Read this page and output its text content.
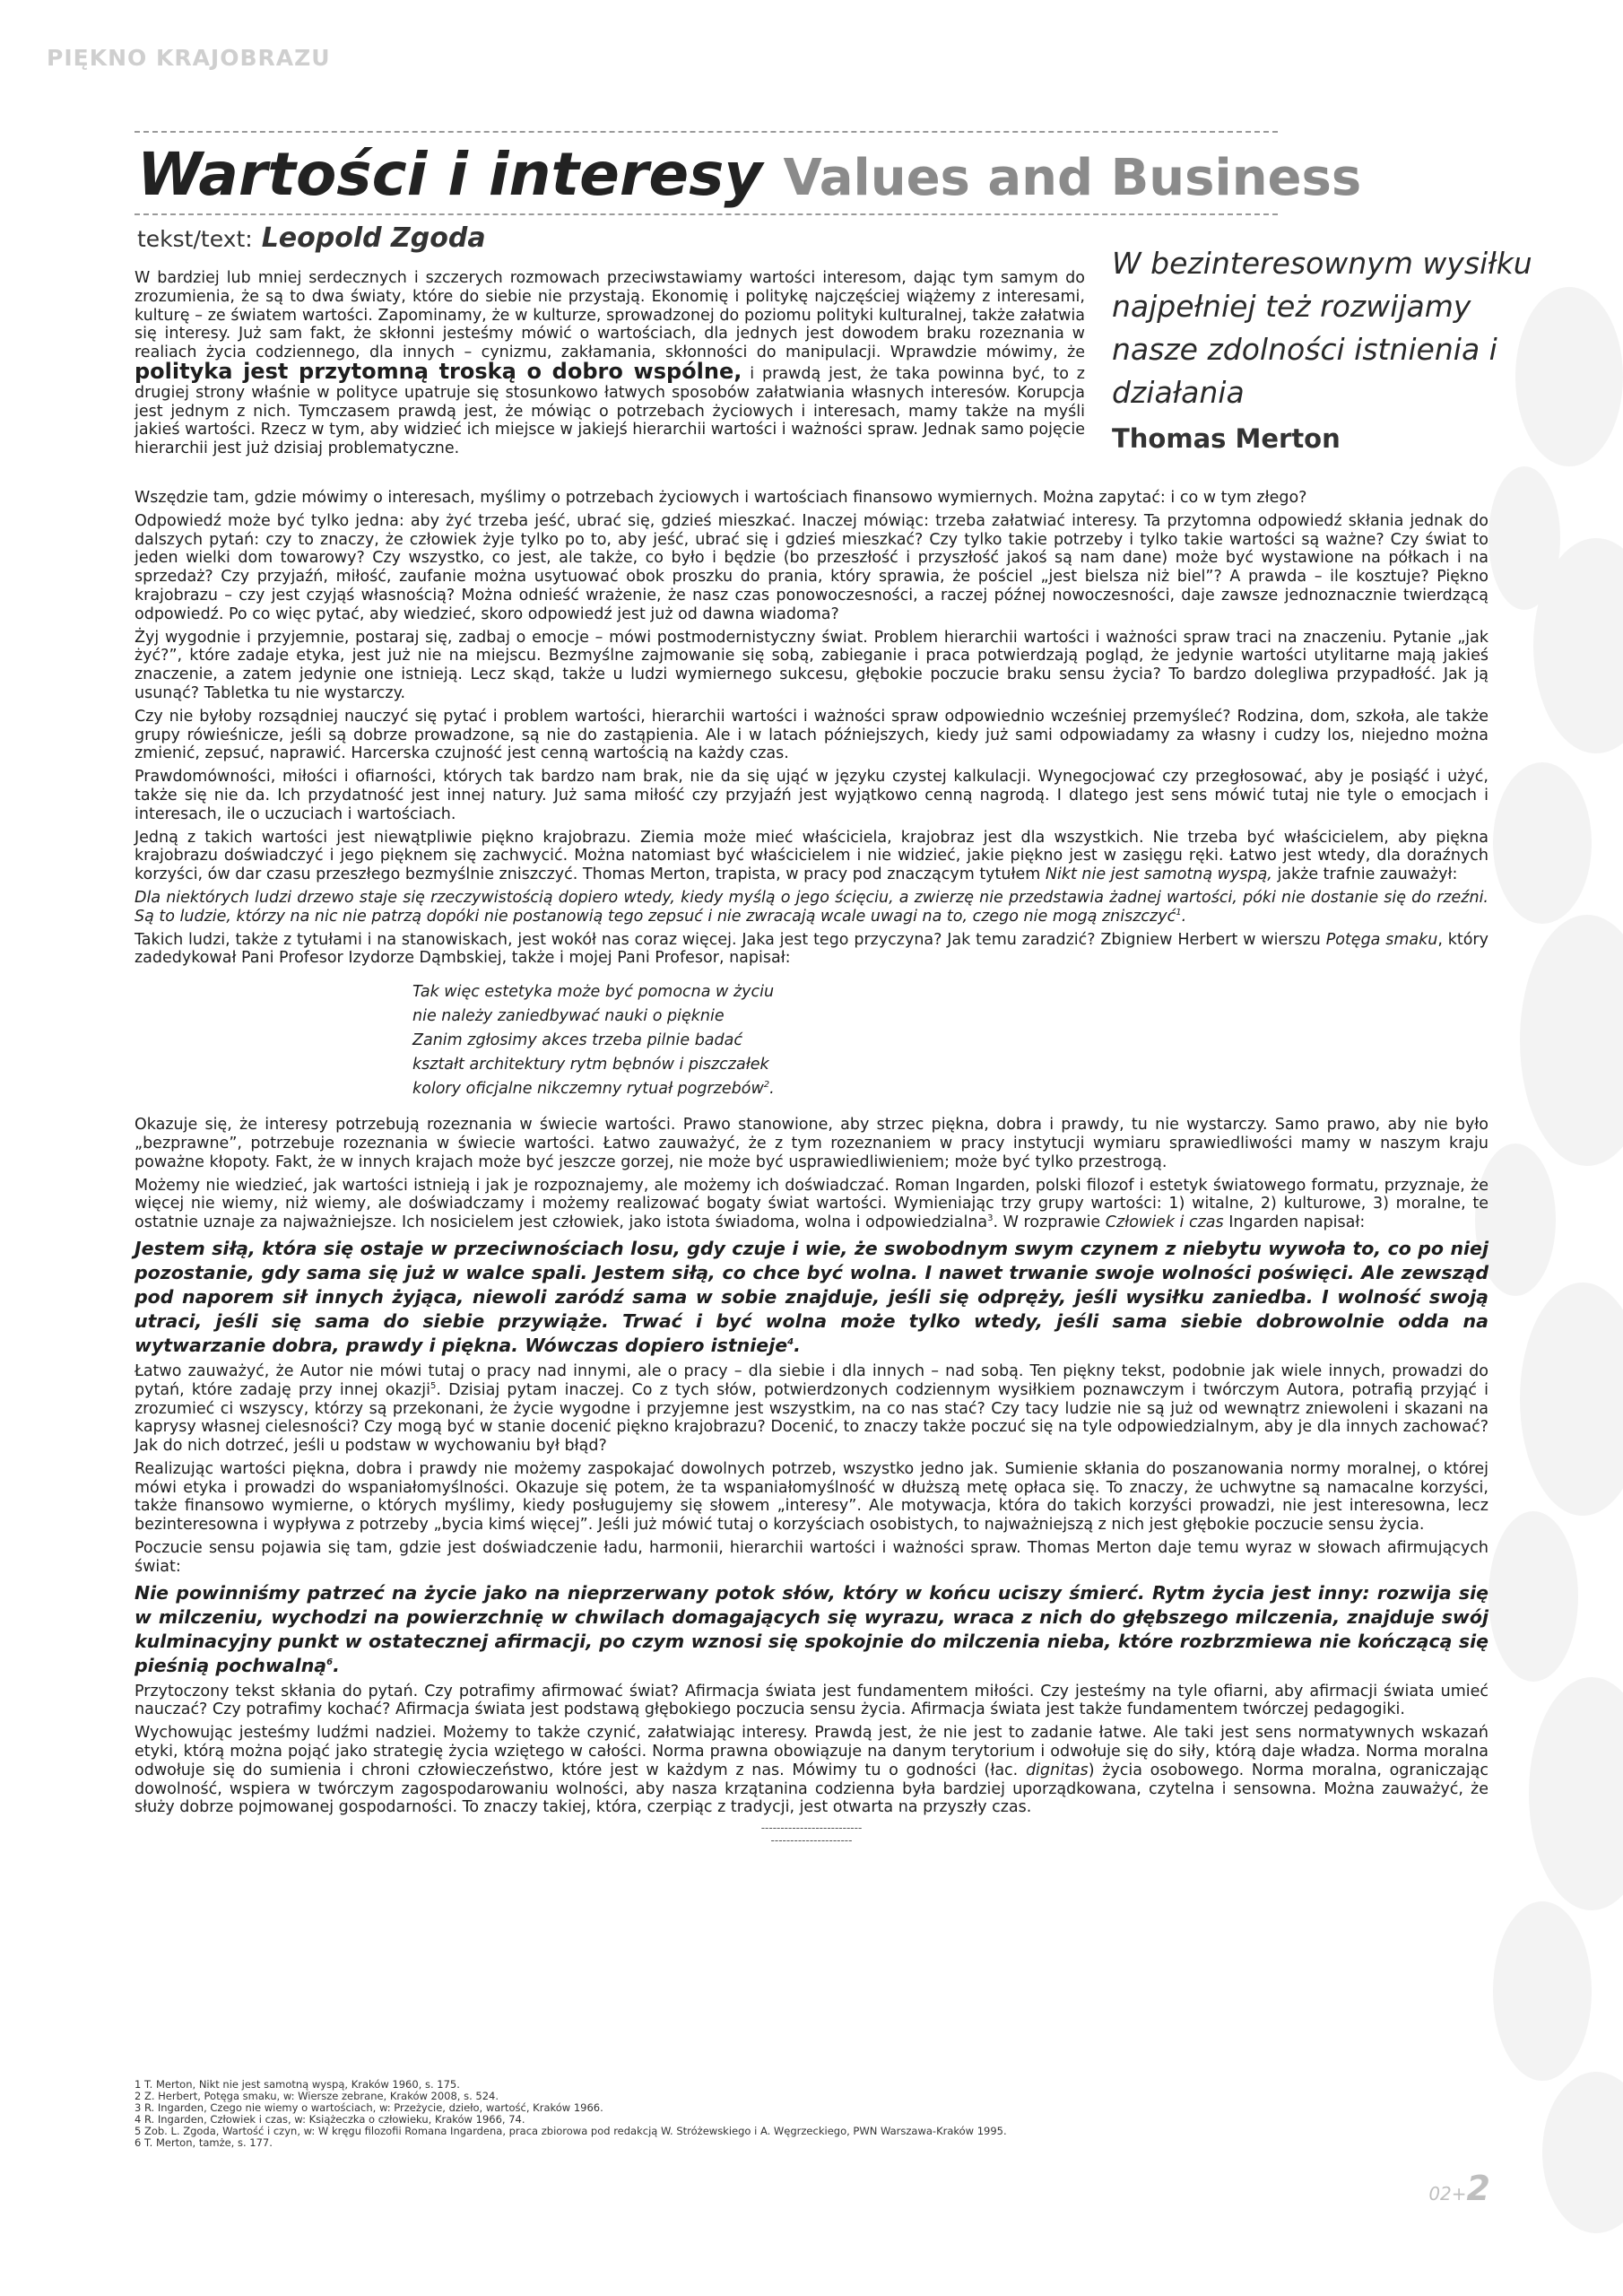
PIĘKNO KRAJOBRAZU
Wartości i interesy Values and Business
tekst/text: Leopold Zgoda
W bezinteresownym wysiłku najpełniej też rozwijamy nasze zdolności istnienia i działania
Thomas Merton

W bardziej lub mniej serdecznych i szczerych rozmowach przeciwstawiamy wartości interesom, dając tym samym do zrozumienia, że są to dwa światy, które do siebie nie przystają. Ekonomię i politykę najczęściej wiążemy z interesami, kulturę – ze światem wartości. Zapominamy, że w kulturze, sprowadzonej do poziomu polityki kulturalnej, także załatwia się interesy. Już sam fakt, że skłonni jesteśmy mówić o wartościach, dla jednych jest dowodem braku rozeznania w realiach życia codziennego, dla innych – cynizmu, zakłamania, skłonności do manipulacji. Wprawdzie mówimy, że polityka jest przytomną troską o dobro wspólne, i prawdą jest, że taka powinna być, to z drugiej strony właśnie w polityce upatruje się stosunkowo łatwych sposobów załatwiania własnych interesów. Korupcja jest jednym z nich. Tymczasem prawdą jest, że mówiąc o potrzebach życiowych i interesach, mamy także na myśli jakieś wartości. Rzecz w tym, aby widzieć ich miejsce w jakiejś hierarchii wartości i ważności spraw. Jednak samo pojęcie hierarchii jest już dzisiaj problematyczne.

Wszędzie tam, gdzie mówimy o interesach, myślimy o potrzebach życiowych i wartościach finansowo wymiernych. Można zapytać: i co w tym złego?

Odpowiedź może być tylko jedna: aby żyć trzeba jeść, ubrać się, gdzieś mieszkać. Inaczej mówiąc: trzeba załatwiać interesy. Ta przytomna odpowiedź skłania jednak do dalszych pytań: czy to znaczy, że człowiek żyje tylko po to, aby jeść, ubrać się i gdzieś mieszkać? Czy tylko takie potrzeby i tylko takie wartości są ważne? Czy świat to jeden wielki dom towarowy? Czy wszystko, co jest, ale także, co było i będzie (bo przeszłość i przyszłość jakoś są nam dane) może być wystawione na półkach i na sprzedaż? Czy przyjaźń, miłość, zaufanie można usytuować obok proszku do prania, który sprawia, że pościel „jest bielsza niż biel”? A prawda – ile kosztuje? Piękno krajobrazu – czy jest czyjąś własnością? Można odnieść wrażenie, że nasz czas ponowoczesności, a raczej późnej nowoczesności, daje zawsze jednoznacznie twierdzącą odpowiedź. Po co więc pytać, aby wiedzieć, skoro odpowiedź jest już od dawna wiadoma?

Żyj wygodnie i przyjemnie, postaraj się, zadbaj o emocje – mówi postmodernistyczny świat. Problem hierarchii wartości i ważności spraw traci na znaczeniu. Pytanie „jak żyć?”, które zadaje etyka, jest już nie na miejscu. Bezmyślne zajmowanie się sobą, zabieganie i praca potwierdzają pogląd, że jedynie wartości utylitarne mają jakieś znaczenie, a zatem jedynie one istnieją. Lecz skąd, także u ludzi wymiernego sukcesu, głębokie poczucie braku sensu życia? To bardzo dolegliwa przypadłość. Jak ją usunąć? Tabletka tu nie wystarczy.

Czy nie byłoby rozsądniej nauczyć się pytać i problem wartości, hierarchii wartości i ważności spraw odpowiednio wcześniej przemyśleć? Rodzina, dom, szkoła, ale także grupy rówieśnicze, jeśli są dobrze prowadzone, są nie do zastąpienia. Ale i w latach późniejszych, kiedy już sami odpowiadamy za własny i cudzy los, niejedno można zmienić, zepsuć, naprawić. Harcerska czujność jest cenną wartością na każdy czas.

Prawdomówności, miłości i ofiarności, których tak bardzo nam brak, nie da się ująć w języku czystej kalkulacji. Wynegocjować czy przegłosować, aby je posiąść i użyć, także się nie da. Ich przydatność jest innej natury. Już sama miłość czy przyjaźń jest wyjątkowo cenną nagrodą. I dlatego jest sens mówić tutaj nie tyle o emocjach i interesach, ile o uczuciach i wartościach.

Jedną z takich wartości jest niewątpliwie piękno krajobrazu. Ziemia może mieć właściciela, krajobraz jest dla wszystkich. Nie trzeba być właścicielem, aby piękna krajobrazu doświadczyć i jego pięknem się zachwycić. Można natomiast być właścicielem i nie widzieć, jakie piękno jest w zasięgu ręki. Łatwo jest wtedy, dla doraźnych korzyści, ów dar czasu przeszłego bezmyślnie zniszczyć. Thomas Merton, trapista, w pracy pod znaczącym tytułem Nikt nie jest samotną wyspą, jakże trafnie zauważył:

Dla niektórych ludzi drzewo staje się rzeczywistością dopiero wtedy, kiedy myślą o jego ścięciu, a zwierzę nie przedstawia żadnej wartości, póki nie dostanie się do rzeźni. Są to ludzie, którzy na nic nie patrzą dopóki nie postanowią tego zepsuć i nie zwracają wcale uwagi na to, czego nie mogą zniszczyć$^1$.

Takich ludzi, także z tytułami i na stanowiskach, jest wokół nas coraz więcej. Jaka jest tego przyczyna? Jak temu zaradzić? Zbigniew Herbert w wierszu Potęga smaku, który zadedykował Pani Profesor Izydorze Dąmbskiej, także i mojej Pani Profesor, napisał:

Tak więc estetyka może być pomocna w życiu
nie należy zaniedbywać nauki o pięknie
Zanim zgłosimy akces trzeba pilnie badać
kształt architektury rytm bębnów i piszczałek
kolory oficjalne nikczemny rytuał pogrzebów$^2$.

Okazuje się, że interesy potrzebują rozeznania w świecie wartości. Prawo stanowione, aby strzec piękna, dobra i prawdy, tu nie wystarczy. Samo prawo, aby nie było „bezprawne”, potrzebuje rozeznania w świecie wartości. Łatwo zauważyć, że z tym rozeznaniem w pracy instytucji wymiaru sprawiedliwości mamy w naszym kraju poważne kłopoty. Fakt, że w innych krajach może być jeszcze gorzej, nie może być usprawiedliwieniem; może być tylko przestrogą.

Możemy nie wiedzieć, jak wartości istnieją i jak je rozpoznajemy, ale możemy ich doświadczać. Roman Ingarden, polski filozof i estetyk światowego formatu, przyznaje, że więcej nie wiemy, niż wiemy, ale doświadczamy i możemy realizować bogaty świat wartości. Wymieniając trzy grupy wartości: 1) witalne, 2) kulturowe, 3) moralne, te ostatnie uznaje za najważniejsze. Ich nosicielem jest człowiek, jako istota świadoma, wolna i odpowiedzialna$^3$. W rozprawie Człowiek i czas Ingarden napisał:

Jestem siłą, która się ostaje w przeciwnościach losu, gdy czuje i wie, że swobodnym swym czynem z niebytu wywoła to, co po niej pozostanie, gdy sama się już w walce spali. Jestem siłą, co chce być wolna. I nawet trwanie swoje wolności poświęci. Ale zewsząd pod naporem sił innych żyjąca, niewoli zaródź sama w sobie znajduje, jeśli się odpręży, jeśli wysiłku zaniedba. I wolność swoją utraci, jeśli się sama do siebie przywiąże. Trwać i być wolna może tylko wtedy, jeśli sama siebie dobrowolnie odda na wytwarzanie dobra, prawdy i piękna. Wówczas dopiero istnieje$^4$.

Łatwo zauważyć, że Autor nie mówi tutaj o pracy nad innymi, ale o pracy – dla siebie i dla innych – nad sobą. Ten piękny tekst, podobnie jak wiele innych, prowadzi do pytań, które zadaję przy innej okazji$^5$. Dzisiaj pytam inaczej. Co z tych słów, potwierdzonych codziennym wysiłkiem poznawczym i twórczym Autora, potrafią przyjąć i zrozumieć ci wszyscy, którzy są przekonani, że życie wygodne i przyjemne jest wszystkim, na co nas stać? Czy tacy ludzie nie są już od wewnątrz zniewoleni i skazani na kaprysy własnej cielesności? Czy mogą być w stanie docenić piękno krajobrazu? Docenić, to znaczy także poczuć się na tyle odpowiedzialnym, aby je dla innych zachować? Jak do nich dotrzeć, jeśli u podstaw w wychowaniu był błąd?

Realizując wartości piękna, dobra i prawdy nie możemy zaspokajać dowolnych potrzeb, wszystko jedno jak. Sumienie skłania do poszanowania normy moralnej, o której mówi etyka i prowadzi do wspaniałomyślności. Okazuje się potem, że ta wspaniałomyślność w dłuższą metę opłaca się. To znaczy, że uchwytne są namacalne korzyści, także finansowo wymierne, o których myślimy, kiedy posługujemy się słowem „interesy”. Ale motywacja, która do takich korzyści prowadzi, nie jest interesowna, lecz bezinteresowna i wypływa z potrzeby „bycia kimś więcej”. Jeśli już mówić tutaj o korzyściach osobistych, to najważniejszą z nich jest głębokie poczucie sensu życia.

Poczucie sensu pojawia się tam, gdzie jest doświadczenie ładu, harmonii, hierarchii wartości i ważności spraw. Thomas Merton daje temu wyraz w słowach afirmujących świat:

Nie powinniśmy patrzeć na życie jako na nieprzerwany potok słów, który w końcu uciszy śmierć. Rytm życia jest inny: rozwija się w milczeniu, wychodzi na powierzchnię w chwilach domagających się wyrazu, wraca z nich do głębszego milczenia, znajduje swój kulminacyjny punkt w ostatecznej afirmacji, po czym wznosi się spokojnie do milczenia nieba, które rozbrzmiewa nie kończącą się pieśnią pochwalną$^6$.

Przytoczony tekst skłania do pytań. Czy potrafimy afirmować świat? Afirmacja świata jest fundamentem miłości. Czy jesteśmy na tyle ofiarni, aby afirmacji świata umieć nauczać? Czy potrafimy kochać? Afirmacja świata jest podstawą głębokiego poczucia sensu życia. Afirmacja świata jest także fundamentem twórczej pedagogiki.

Wychowując jesteśmy ludźmi nadziei. Możemy to także czynić, załatwiając interesy. Prawdą jest, że nie jest to zadanie łatwe. Ale taki jest sens normatywnych wskazań etyki, którą można pojąć jako strategię życia wziętego w całości. Norma prawna obowiązuje na danym terytorium i odwołuje się do siły, którą daje władza. Norma moralna odwołuje się do sumienia i chroni człowieczeństwo, które jest w każdym z nas. Mówimy tu o godności (łac. dignitas) życia osobowego. Norma moralna, ograniczając dowolność, wspiera w twórczym zagospodarowaniu wolności, aby nasza krzątanina codzienna była bardziej uporządkowana, czytelna i sensowna. Można zauważyć, że służy dobrze pojmowanej gospodarności. To znaczy takiej, która, czerpiąc z tradycji, jest otwarta na przyszły czas.

--------------------------
---------------------
1 T. Merton, Nikt nie jest samotną wyspą, Kraków 1960, s. 175.
2 Z. Herbert, Potęga smaku, w: Wiersze zebrane, Kraków 2008, s. 524.
3 R. Ingarden, Czego nie wiemy o wartościach, w: Przeżycie, dzieło, wartość, Kraków 1966.
4 R. Ingarden, Człowiek i czas, w: Książeczka o człowieku, Kraków 1966, 74.
5 Zob. L. Zgoda, Wartość i czyn, w: W kręgu filozofii Romana Ingardena, praca zbiorowa pod redakcją W. Stróżewskiego i A. Węgrzeckiego, PWN Warszawa-Kraków 1995.
6 T. Merton, tamże, s. 177.
02+2
